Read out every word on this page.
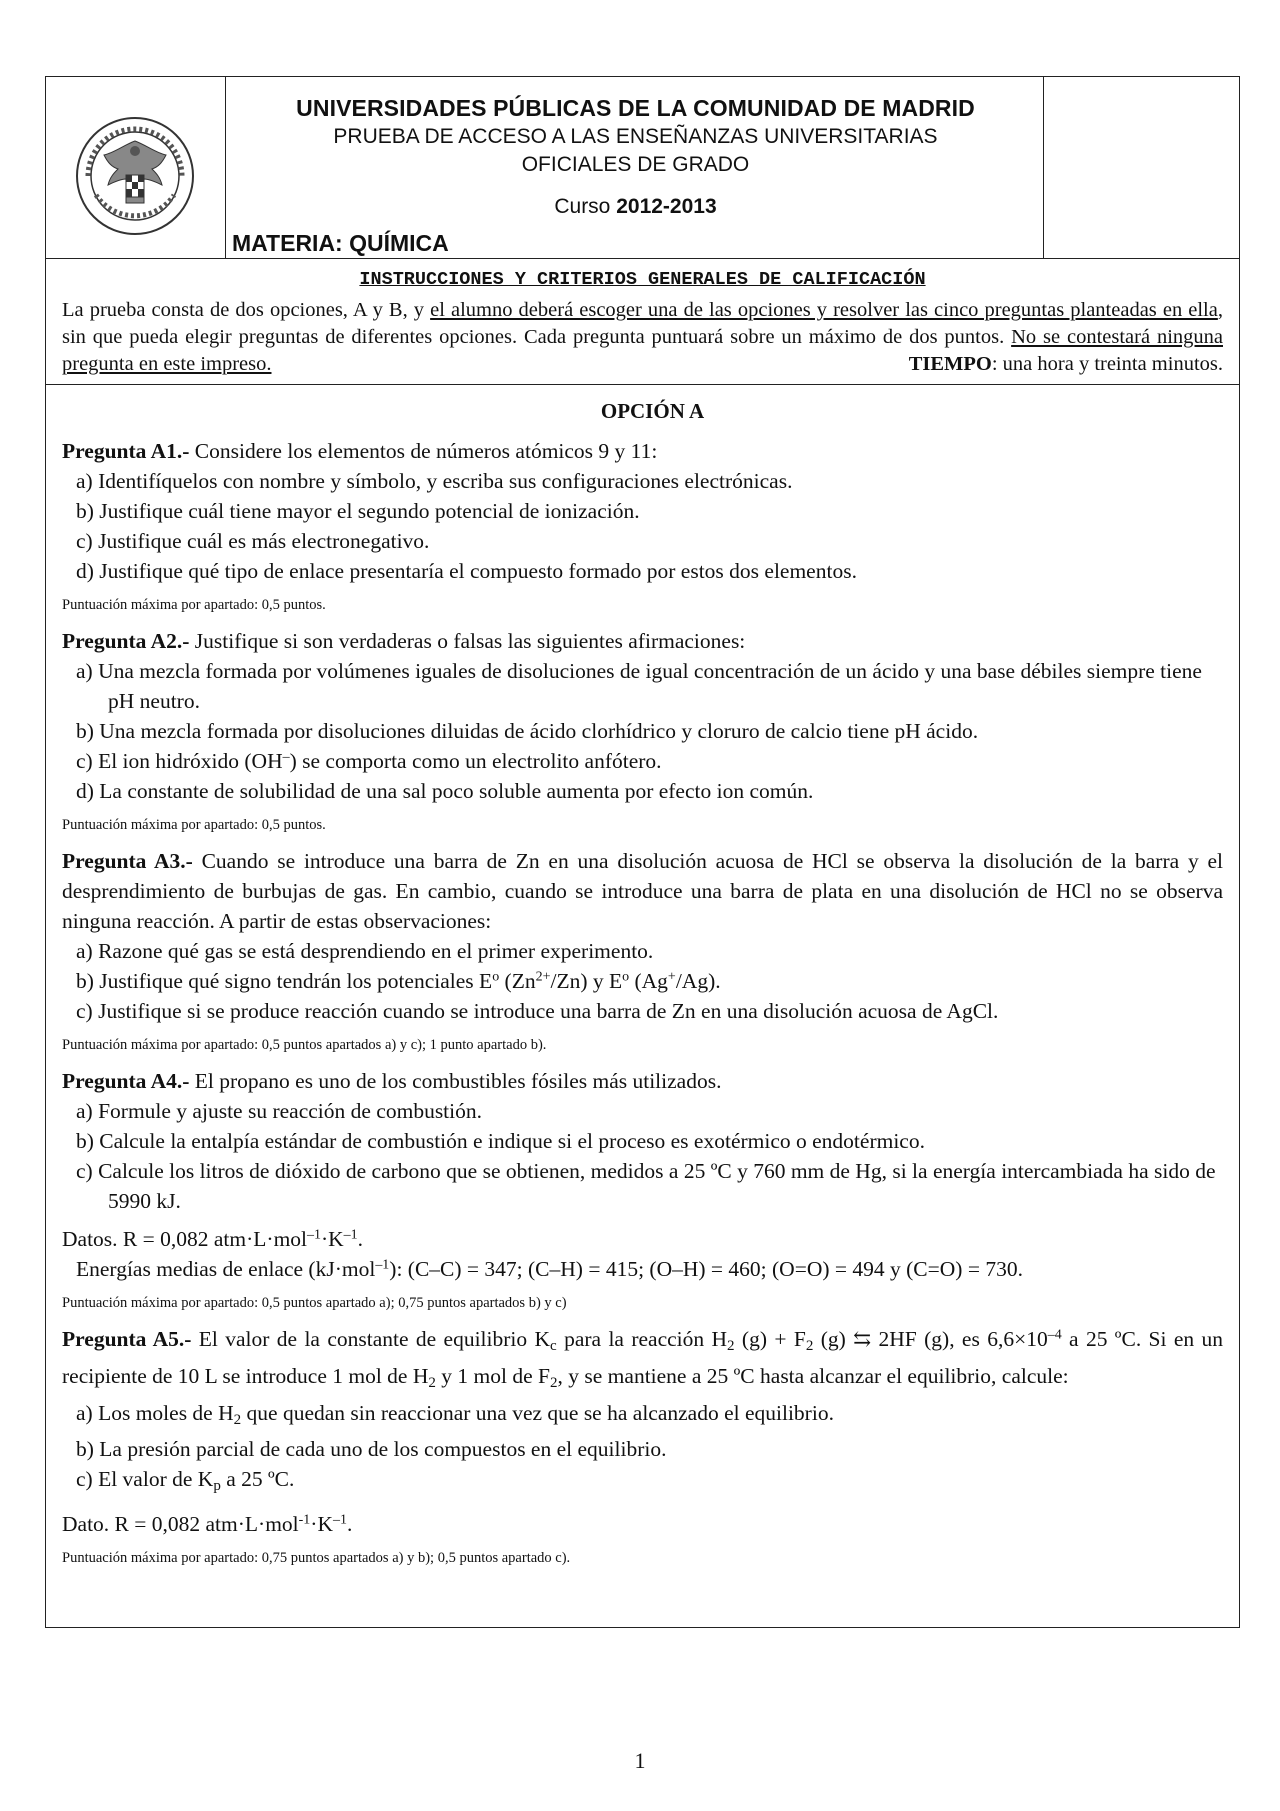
UNIVERSIDADES PÚBLICAS DE LA COMUNIDAD DE MADRID
PRUEBA DE ACCESO A LAS ENSEÑANZAS UNIVERSITARIAS
OFICIALES DE GRADO
Curso 2012-2013
MATERIA: QUÍMICA
INSTRUCCIONES Y CRITERIOS GENERALES DE CALIFICACIÓN
La prueba consta de dos opciones, A y B, y el alumno deberá escoger una de las opciones y resolver las cinco preguntas planteadas en ella, sin que pueda elegir preguntas de diferentes opciones. Cada pregunta puntuará sobre un máximo de dos puntos. No se contestará ninguna pregunta en este impreso.	TIEMPO: una hora y treinta minutos.
OPCIÓN A
Pregunta A1.- Considere los elementos de números atómicos 9 y 11:
a) Identifíquelos con nombre y símbolo, y escriba sus configuraciones electrónicas.
b) Justifique cuál tiene mayor el segundo potencial de ionización.
c) Justifique cuál es más electronegativo.
d) Justifique qué tipo de enlace presentaría el compuesto formado por estos dos elementos.
Puntuación máxima por apartado: 0,5 puntos.
Pregunta A2.- Justifique si son verdaderas o falsas las siguientes afirmaciones:
a) Una mezcla formada por volúmenes iguales de disoluciones de igual concentración de un ácido y una base débiles siempre tiene pH neutro.
b) Una mezcla formada por disoluciones diluidas de ácido clorhídrico y cloruro de calcio tiene pH ácido.
c) El ion hidróxido (OH–) se comporta como un electrolito anfótero.
d) La constante de solubilidad de una sal poco soluble aumenta por efecto ion común.
Puntuación máxima por apartado: 0,5 puntos.
Pregunta A3.- Cuando se introduce una barra de Zn en una disolución acuosa de HCl se observa la disolución de la barra y el desprendimiento de burbujas de gas. En cambio, cuando se introduce una barra de plata en una disolución de HCl no se observa ninguna reacción. A partir de estas observaciones:
a) Razone qué gas se está desprendiendo en el primer experimento.
b) Justifique qué signo tendrán los potenciales $E^o$ $(Zn^{2+}/Zn)$ y $E^o$ (Ag+/Ag).
c) Justifique si se produce reacción cuando se introduce una barra de Zn en una disolución acuosa de AgCl.
Puntuación máxima por apartado: 0,5 puntos apartados a) y c); 1 punto apartado b).
Pregunta A4.- El propano es uno de los combustibles fósiles más utilizados.
a) Formule y ajuste su reacción de combustión.
b) Calcule la entalpía estándar de combustión e indique si el proceso es exotérmico o endotérmico.
c) Calcule los litros de dióxido de carbono que se obtienen, medidos a 25 ºC y 760 mm de Hg, si la energía intercambiada ha sido de 5990 kJ.
Datos. R = 0,082 $atm\cdot L\cdot mol^{-1}\cdot K^{-1}$.
Energías medias de enlace (kJ·mol$^{-1}$): (C–C) = 347; (C–H) = 415; (O–H) = 460; (O=O) = 494 y (C=O) = 730.
Puntuación máxima por apartado: 0,5 puntos apartado a); 0,75 puntos apartados b) y c)
Pregunta A5.- El valor de la constante de equilibrio $K_c$ para la reacción $H_2$ $(g) + F_2$ (g) ⇆ 2HF (g), es $6,6\times 10^{-4}$ a 25 ºC. Si en un recipiente de 10 L se introduce 1 mol de $H_2$ y 1 mol de $F_2$, y se mantiene a 25 ºC hasta alcanzar el equilibrio, calcule:
a) Los moles de $H_2$ que quedan sin reaccionar una vez que se ha alcanzado el equilibrio.
b) La presión parcial de cada uno de los compuestos en el equilibrio.
c) El valor de $K_p$ a 25 ºC.
Dato. R = 0,082 $atm\cdot L\cdot mol^{-1}\cdot K^{-1}$.
Puntuación máxima por apartado: 0,75 puntos apartados a) y b); 0,5 puntos apartado c).
1
